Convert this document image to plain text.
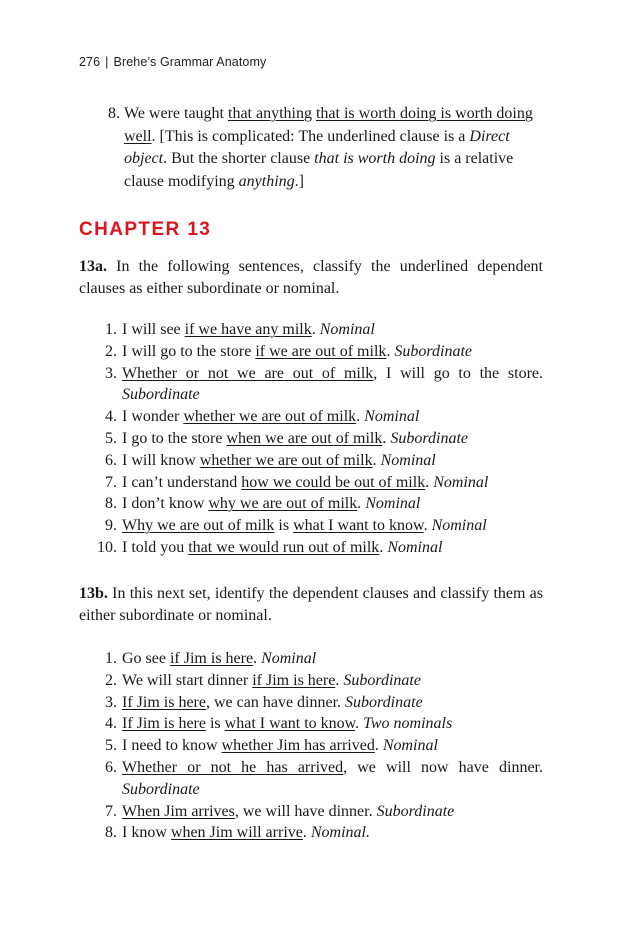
276 | Brehe’s Grammar Anatomy
8. We were taught that anything that is worth doing is worth doing well. [This is complicated: The underlined clause is a Direct object. But the shorter clause that is worth doing is a relative clause modifying anything.]
CHAPTER 13
13a. In the following sentences, classify the underlined dependent clauses as either subordinate or nominal.
1. I will see if we have any milk. Nominal
2. I will go to the store if we are out of milk. Subordinate
3. Whether or not we are out of milk, I will go to the store. Subordinate
4. I wonder whether we are out of milk. Nominal
5. I go to the store when we are out of milk. Subordinate
6. I will know whether we are out of milk. Nominal
7. I can’t understand how we could be out of milk. Nominal
8. I don’t know why we are out of milk. Nominal
9. Why we are out of milk is what I want to know. Nominal
10. I told you that we would run out of milk. Nominal
13b. In this next set, identify the dependent clauses and classify them as either subordinate or nominal.
1. Go see if Jim is here. Nominal
2. We will start dinner if Jim is here. Subordinate
3. If Jim is here, we can have dinner. Subordinate
4. If Jim is here is what I want to know. Two nominals
5. I need to know whether Jim has arrived. Nominal
6. Whether or not he has arrived, we will now have dinner. Subordinate
7. When Jim arrives, we will have dinner. Subordinate
8. I know when Jim will arrive. Nominal.
